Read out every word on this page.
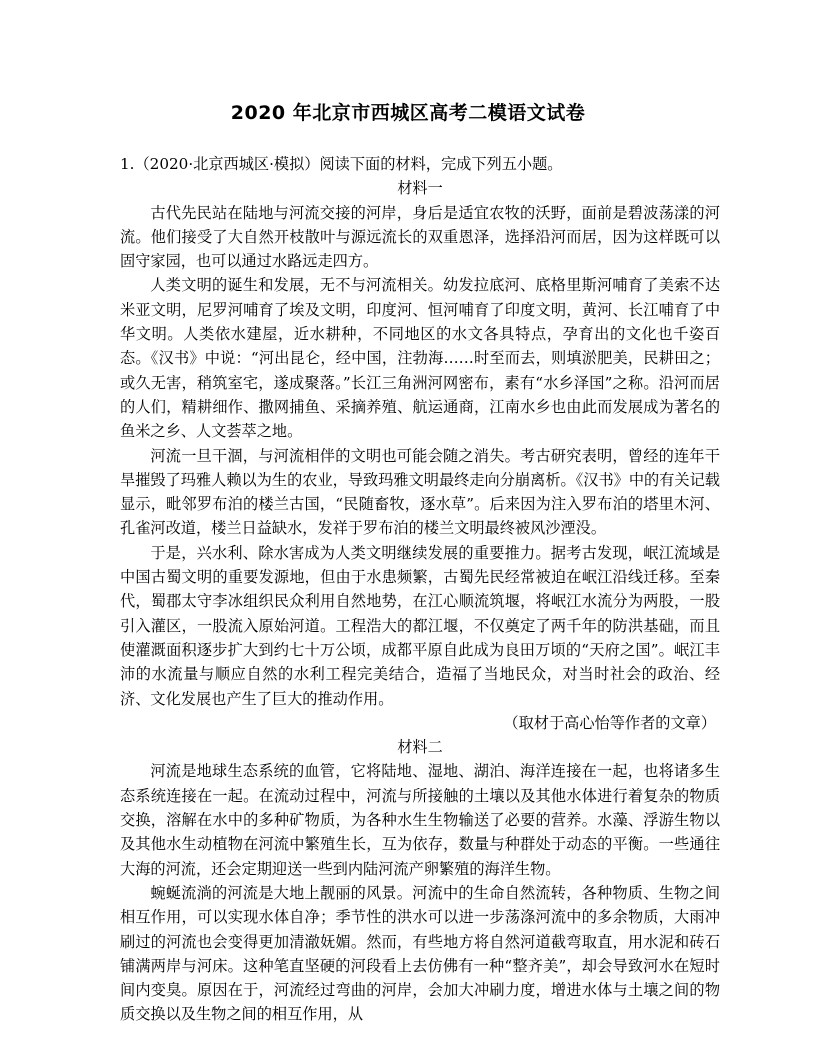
2020 年北京市西城区高考二模语文试卷

1.（2020·北京西城区·模拟）阅读下面的材料，完成下列五小题。

材料一

古代先民站在陆地与河流交接的河岸，身后是适宜农牧的沃野，面前是碧波荡漾的河流。他们接受了大自然开枝散叶与源远流长的双重恩泽，选择沿河而居，因为这样既可以固守家园，也可以通过水路远走四方。

人类文明的诞生和发展，无不与河流相关。幼发拉底河、底格里斯河哺育了美索不达米亚文明，尼罗河哺育了埃及文明，印度河、恒河哺育了印度文明，黄河、长江哺育了中华文明。人类依水建屋，近水耕种，不同地区的水文各具特点，孕育出的文化也千姿百态。《汉书》中说：“河出昆仑，经中国，注勃海……时至而去，则填淤肥美，民耕田之；或久无害，稍筑室宅，遂成聚落。”长江三角洲河网密布，素有“水乡泽国”之称。沿河而居的人们，精耕细作、撒网捕鱼、采摘养殖、航运通商，江南水乡也由此而发展成为著名的鱼米之乡、人文荟萃之地。

河流一旦干涸，与河流相伴的文明也可能会随之消失。考古研究表明，曾经的连年干旱摧毁了玛雅人赖以为生的农业，导致玛雅文明最终走向分崩离析。《汉书》中的有关记载显示，毗邻罗布泊的楼兰古国，“民随畜牧，逐水草”。后来因为注入罗布泊的塔里木河、孔雀河改道，楼兰日益缺水，发祥于罗布泊的楼兰文明最终被风沙湮没。

于是，兴水利、除水害成为人类文明继续发展的重要推力。据考古发现，岷江流域是中国古蜀文明的重要发源地，但由于水患频繁，古蜀先民经常被迫在岷江沿线迁移。至秦代，蜀郡太守李冰组织民众利用自然地势，在江心顺流筑堰，将岷江水流分为两股，一股引入灌区，一股流入原始河道。工程浩大的都江堰，不仅奠定了两千年的防洪基础，而且使灌溉面积逐步扩大到约七十万公顷，成都平原自此成为良田万顷的“天府之国”。岷江丰沛的水流量与顺应自然的水利工程完美结合，造福了当地民众，对当时社会的政治、经济、文化发展也产生了巨大的推动作用。

（取材于高心怡等作者的文章）

材料二

河流是地球生态系统的血管，它将陆地、湿地、湖泊、海洋连接在一起，也将诸多生态系统连接在一起。在流动过程中，河流与所接触的土壤以及其他水体进行着复杂的物质交换，溶解在水中的多种矿物质，为各种水生生物输送了必要的营养。水藻、浮游生物以及其他水生动植物在河流中繁殖生长，互为依存，数量与种群处于动态的平衡。一些通往大海的河流，还会定期迎送一些到内陆河流产卵繁殖的海洋生物。

蜿蜒流淌的河流是大地上靓丽的风景。河流中的生命自然流转，各种物质、生物之间相互作用，可以实现水体自净；季节性的洪水可以进一步荡涤河流中的多余物质，大雨冲刷过的河流也会变得更加清澈妩媚。然而，有些地方将自然河道截弯取直，用水泥和砖石铺满两岸与河床。这种笔直坚硬的河段看上去仿佛有一种“整齐美”，却会导致河水在短时间内变臭。原因在于，河流经过弯曲的河岸，会加大冲刷力度，增进水体与土壤之间的物质交换以及生物之间的相互作用，从
